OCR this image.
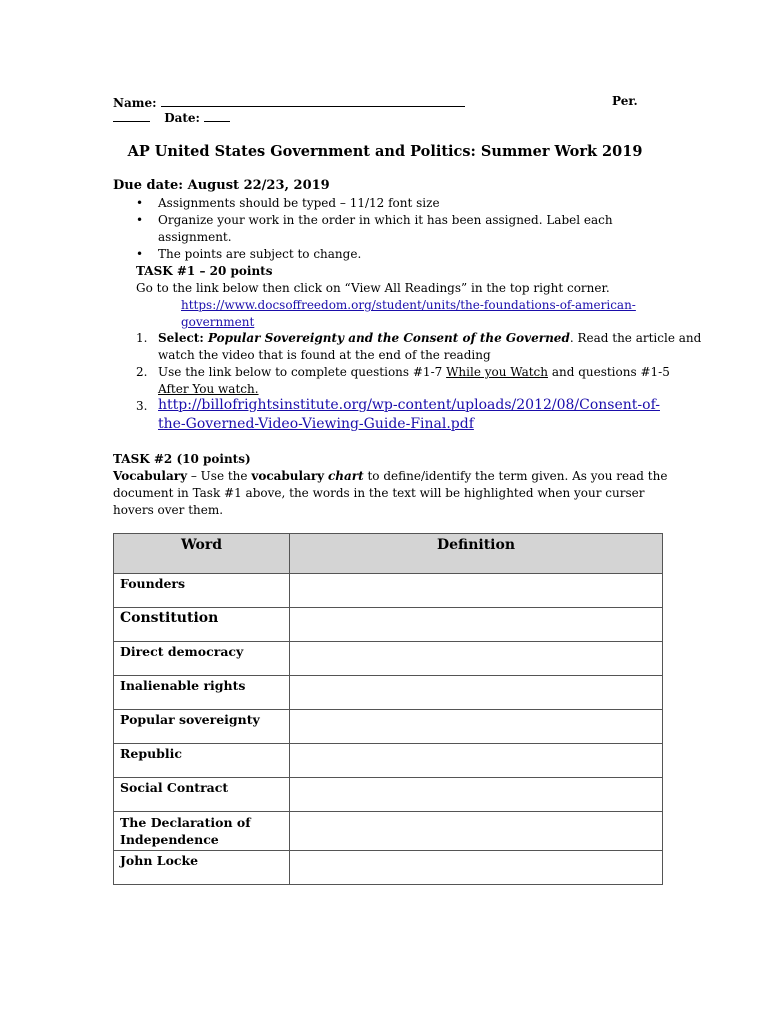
Name:	Per.
Date:
AP United States Government and Politics: Summer Work 2019
Due date: August 22/23, 2019
• Assignments should be typed – 11/12 font size
• Organize your work in the order in which it has been assigned. Label each
assignment.
• The points are subject to change.
TASK #1 – 20 points
Go to the link below then click on “View All Readings” in the top right corner.
https://www.docsoffreedom.org/student/units/the-foundations-of-american-
government
1. Select: Popular Sovereignty and the Consent of the Governed. Read the article and
watch the video that is found at the end of the reading
2. Use the link below to complete questions #1-7 While you Watch and questions #1-5
After You watch.
3. http://billofrightsinstitute.org/wp-content/uploads/2012/08/Consent-of-
the-Governed-Video-Viewing-Guide-Final.pdf
TASK #2 (10 points)
Vocabulary – Use the vocabulary chart to define/identify the term given. As you read the
document in Task #1 above, the words in the text will be highlighted when your curser
hovers over them.
Word	Definition
Founders	
Constitution	
Direct democracy	
Inalienable rights	
Popular sovereignty	
Republic	
Social Contract	
The Declaration of Independence	
John Locke	
